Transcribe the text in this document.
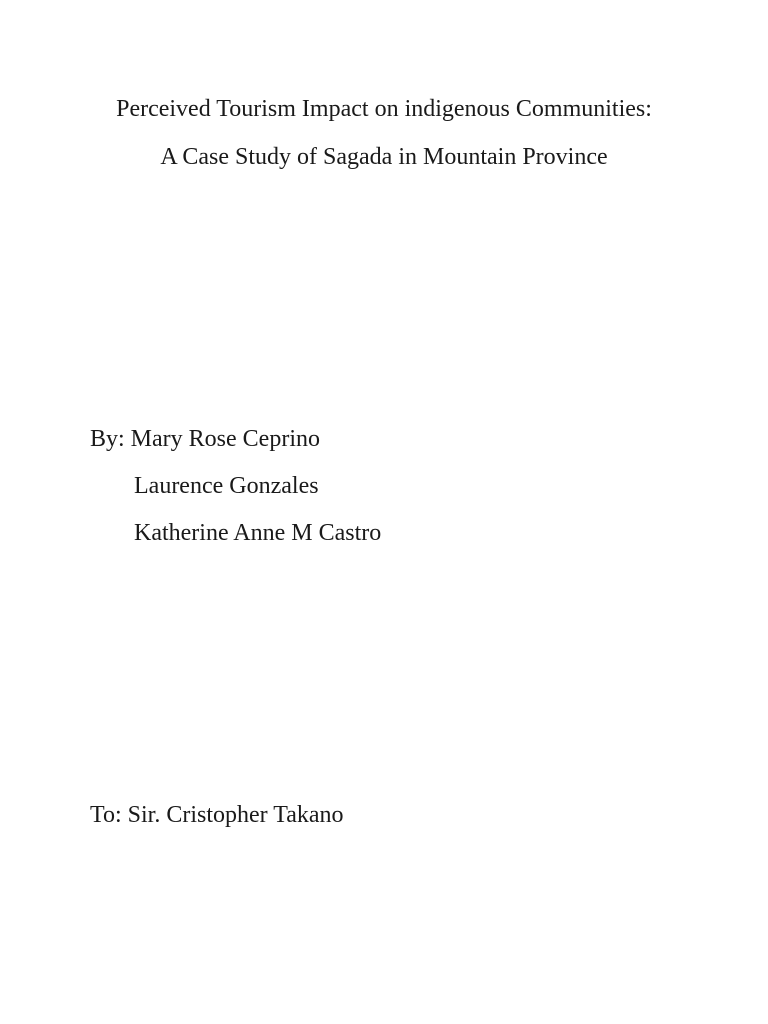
Perceived Tourism Impact on indigenous Communities:
A Case Study of Sagada in Mountain Province
By: Mary Rose Ceprino
Laurence Gonzales
Katherine Anne M Castro
To: Sir. Cristopher Takano
